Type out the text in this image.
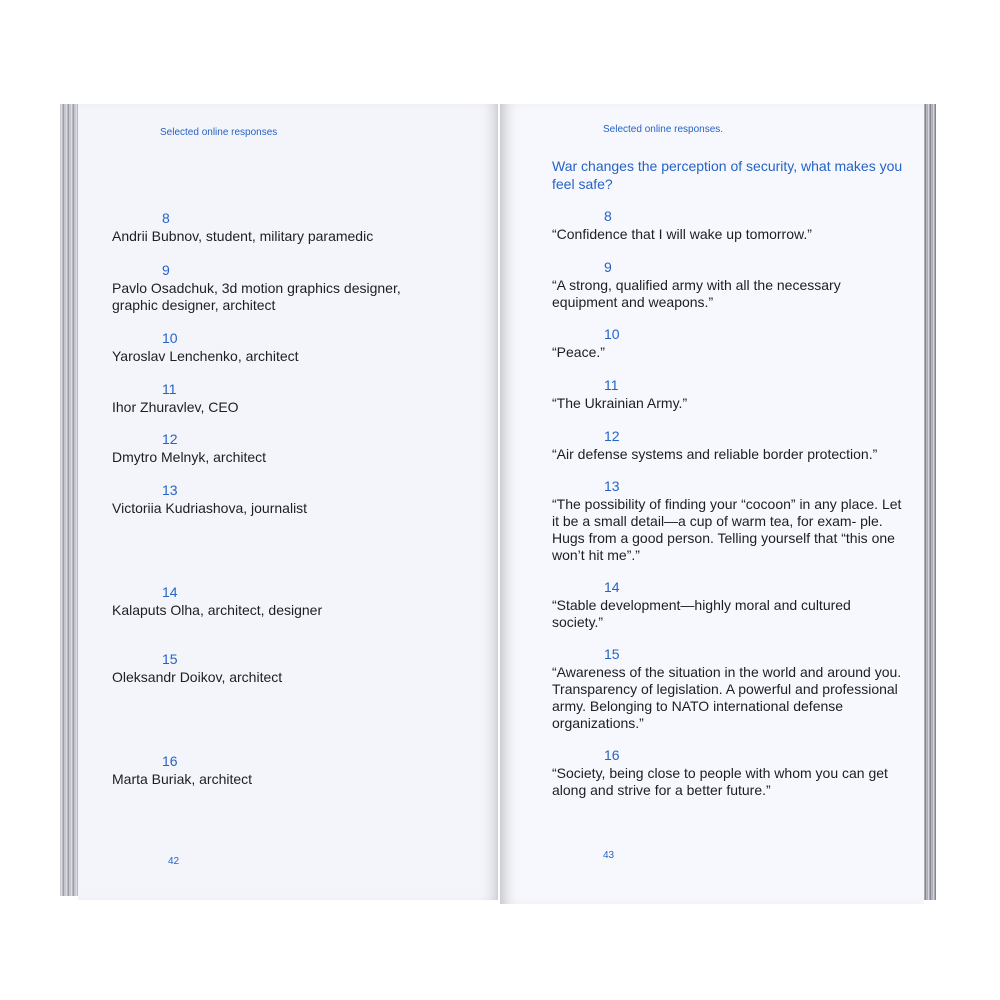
Selected online responses
8
Andrii Bubnov, student, military paramedic
9
Pavlo Osadchuk, 3d motion graphics designer, graphic designer, architect
10
Yaroslav Lenchenko, architect
11
Ihor Zhuravlev, CEO
12
Dmytro Melnyk, architect
13
Victoriia Kudriashova, journalist
14
Kalaputs Olha, architect, designer
15
Oleksandr Doikov, architect
16
Marta Buriak, architect
42
Selected online responses.
War changes the perception of security, what makes you feel safe?
8
“Confidence that I will wake up tomorrow.”
9
“A strong, qualified army with all the necessary equipment and weapons.”
10
“Peace.”
11
“The Ukrainian Army.”
12
“Air defense systems and reliable border protection.”
13
“The possibility of finding your “cocoon” in any place. Let it be a small detail—a cup of warm tea, for exam- ple. Hugs from a good person. Telling yourself that “this one won’t hit me”.”
14
“Stable development—highly moral and cultured society.”
15
“Awareness of the situation in the world and around you. Transparency of legislation. A powerful and professional army. Belonging to NATO international defense organizations.”
16
“Society, being close to people with whom you can get along and strive for a better future.”
43
